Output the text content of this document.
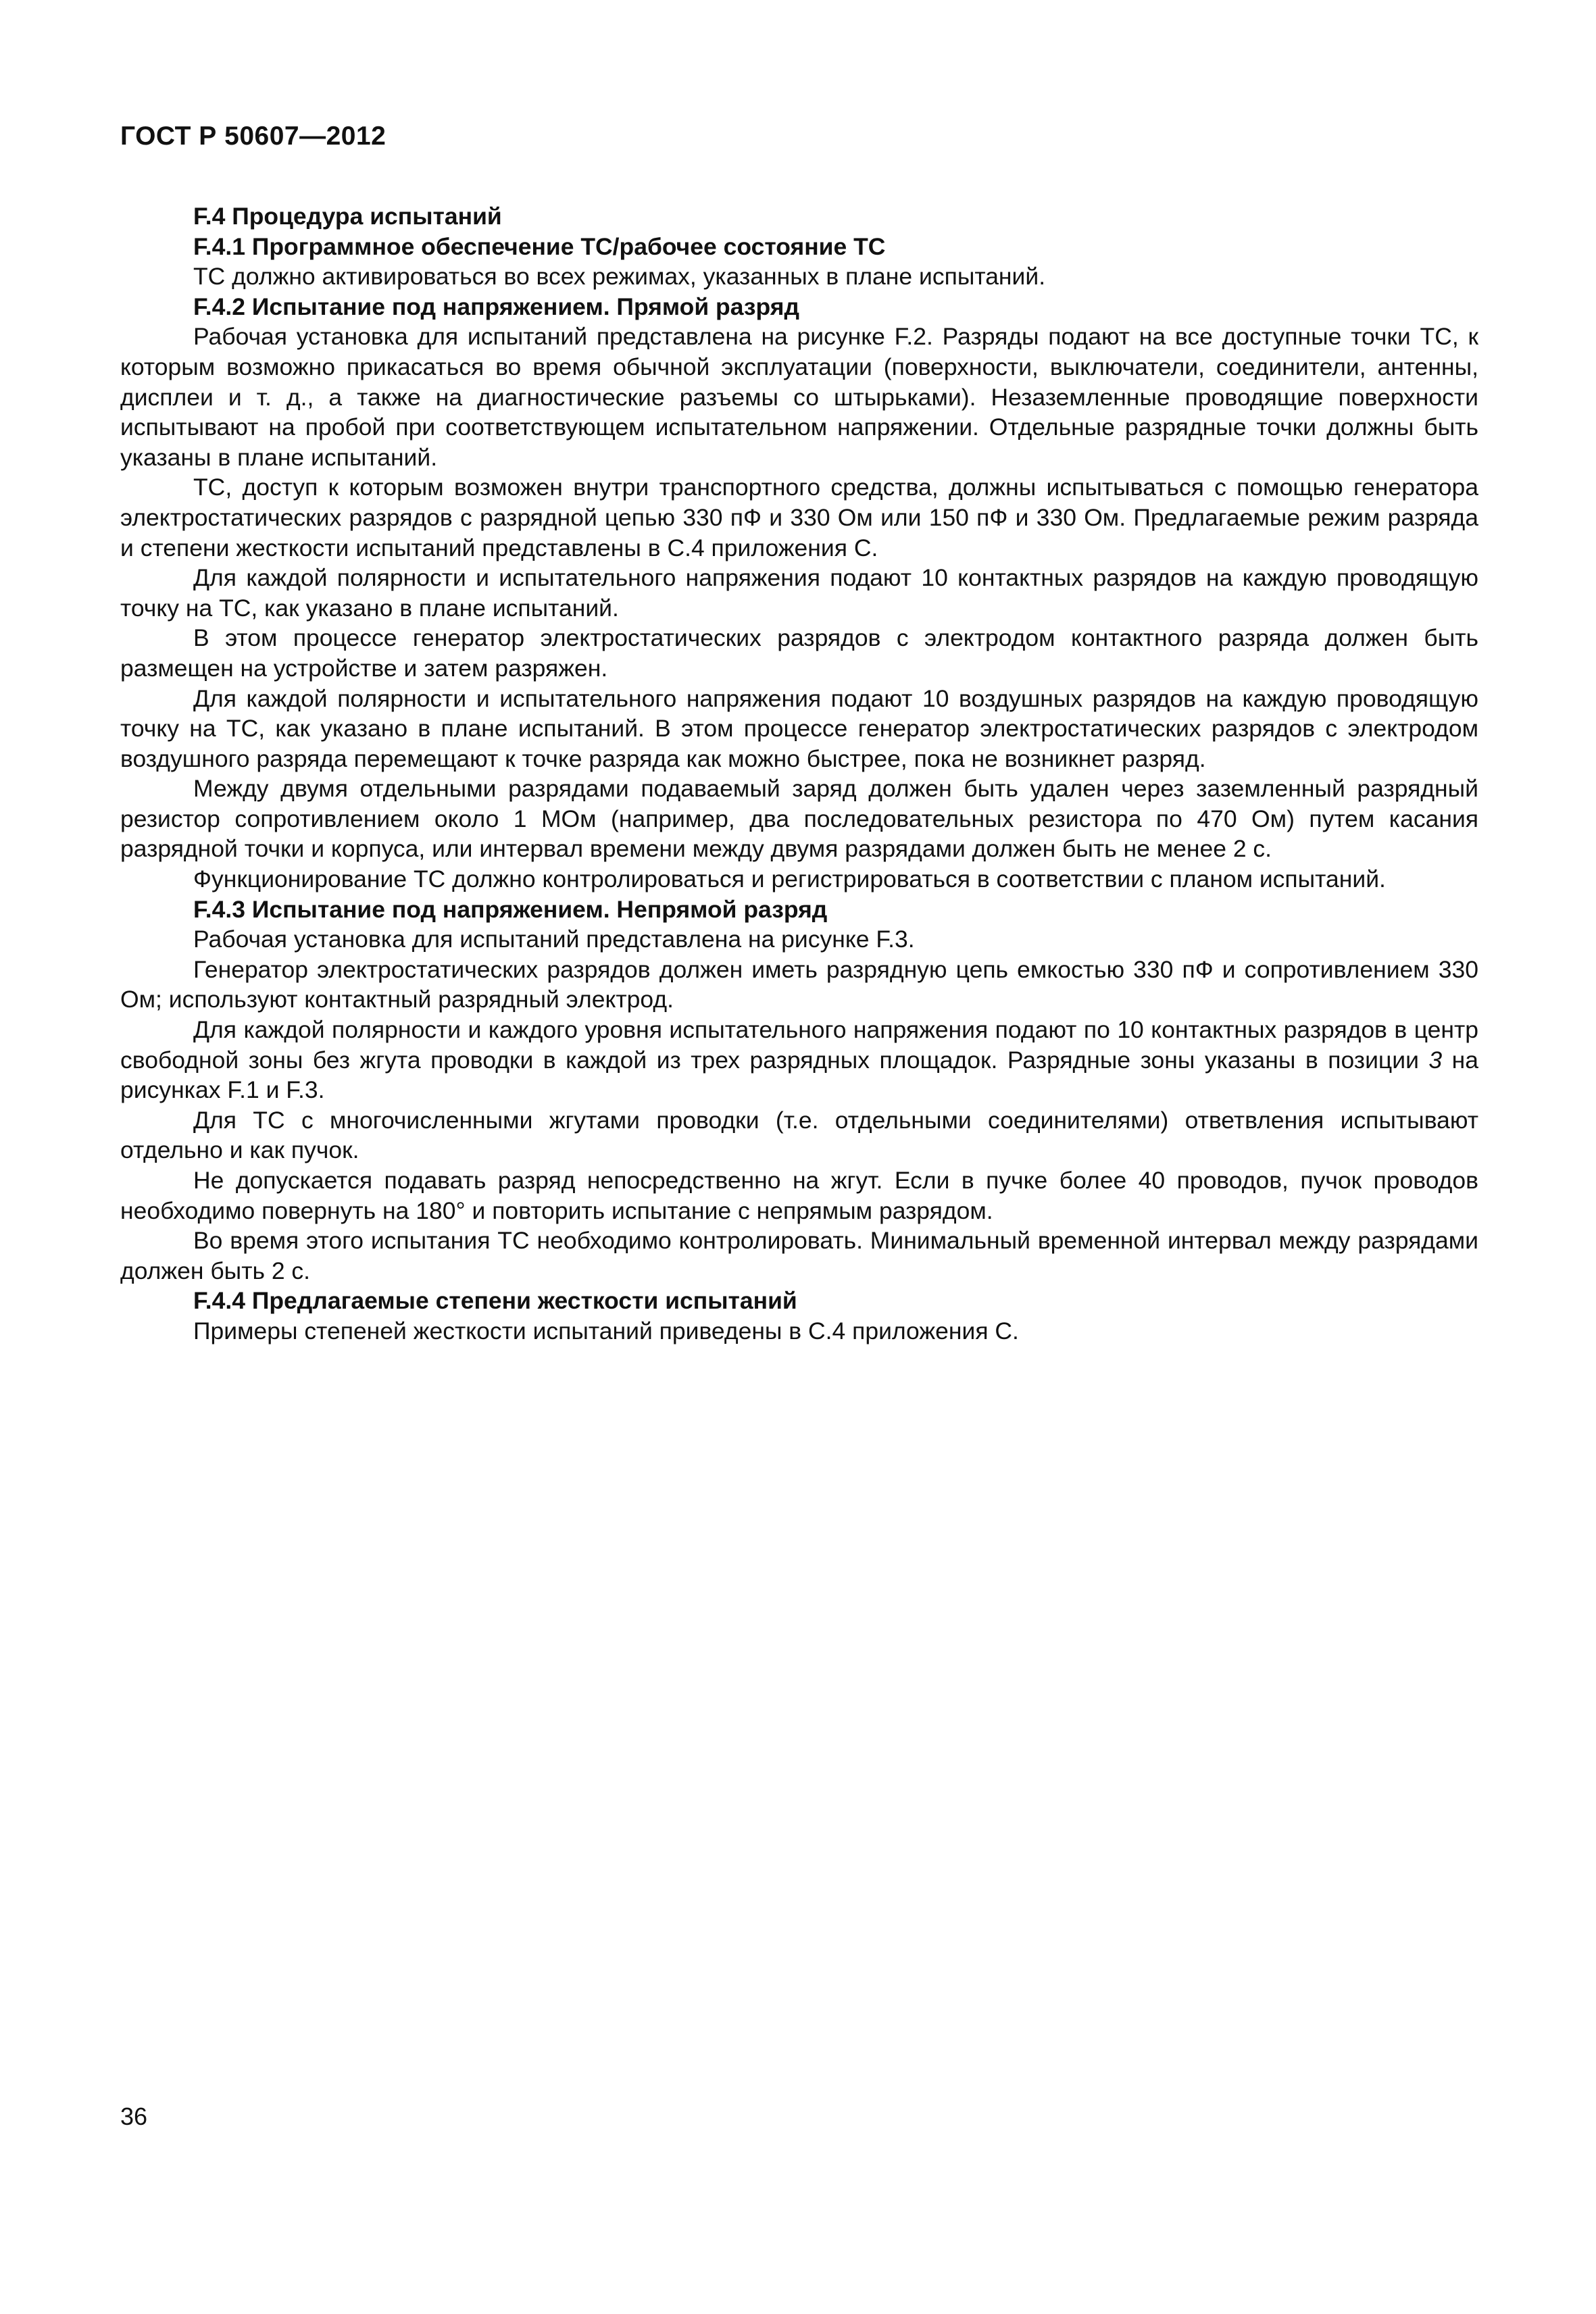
ГОСТ Р 50607—2012
F.4 Процедура испытаний
F.4.1 Программное обеспечение ТС/рабочее состояние ТС

ТС должно активироваться во всех режимах, указанных в плане испытаний.

F.4.2 Испытание под напряжением. Прямой разряд

Рабочая установка для испытаний представлена на рисунке F.2. Разряды подают на все доступные точки ТС, к которым возможно прикасаться во время обычной эксплуатации (поверхности, выключатели, соединители, антенны, дисплеи и т. д., а также на диагностические разъемы со штырьками). Незаземленные проводящие поверхности испытывают на пробой при соответствующем испытательном напряжении. Отдельные разрядные точки должны быть указаны в плане испытаний.

ТС, доступ к которым возможен внутри транспортного средства, должны испытываться с помощью генератора электростатических разрядов с разрядной цепью 330 пФ и 330 Ом или 150 пФ и 330 Ом. Предлагаемые режим разряда и степени жесткости испытаний представлены в С.4 приложения С.

Для каждой полярности и испытательного напряжения подают 10 контактных разрядов на каждую проводящую точку на ТС, как указано в плане испытаний.

В этом процессе генератор электростатических разрядов с электродом контактного разряда должен быть размещен на устройстве и затем разряжен.

Для каждой полярности и испытательного напряжения подают 10 воздушных разрядов на каждую проводящую точку на ТС, как указано в плане испытаний. В этом процессе генератор электростатических разрядов с электродом воздушного разряда перемещают к точке разряда как можно быстрее, пока не возникнет разряд.

Между двумя отдельными разрядами подаваемый заряд должен быть удален через заземленный разрядный резистор сопротивлением около 1 МОм (например, два последовательных резистора по 470 Ом) путем касания разрядной точки и корпуса, или интервал времени между двумя разрядами должен быть не менее 2 с.

Функционирование ТС должно контролироваться и регистрироваться в соответствии с планом испытаний.

F.4.3 Испытание под напряжением. Непрямой разряд

Рабочая установка для испытаний представлена на рисунке F.3.

Генератор электростатических разрядов должен иметь разрядную цепь емкостью 330 пФ и сопротивлением 330 Ом; используют контактный разрядный электрод.

Для каждой полярности и каждого уровня испытательного напряжения подают по 10 контактных разрядов в центр свободной зоны без жгута проводки в каждой из трех разрядных площадок. Разрядные зоны указаны в позиции 3 на рисунках F.1 и F.3.

Для ТС с многочисленными жгутами проводки (т.е. отдельными соединителями) ответвления испытывают отдельно и как пучок.

Не допускается подавать разряд непосредственно на жгут. Если в пучке более 40 проводов, пучок проводов необходимо повернуть на 180° и повторить испытание с непрямым разрядом.

Во время этого испытания ТС необходимо контролировать. Минимальный временной интервал между разрядами должен быть 2 с.

F.4.4 Предлагаемые степени жесткости испытаний

Примеры степеней жесткости испытаний приведены в С.4 приложения С.

36
